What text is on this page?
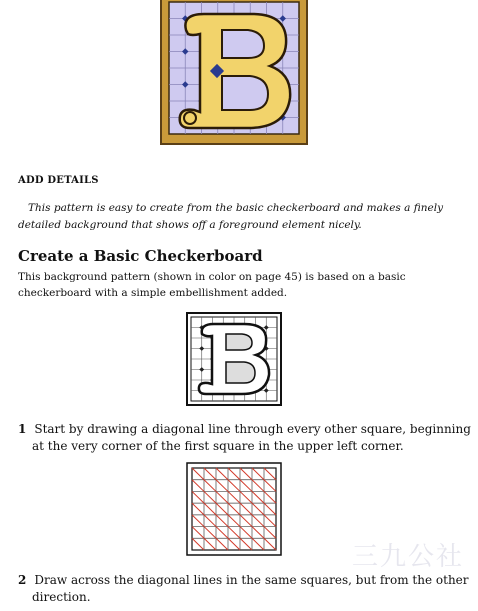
ADD DETAILS
This pattern is easy to create from the basic checkerboard and makes a finely detailed background that shows off a foreground element nicely.
Create a Basic Checkerboard
This background pattern (shown in color on page 45) is based on a basic checkerboard with a simple embellishment added.
1 Start by drawing a diagonal line through every other square, beginning at the very corner of the first square in the upper left corner.
2 Draw across the diagonal lines in the same squares, but from the other direction.
三九公社
